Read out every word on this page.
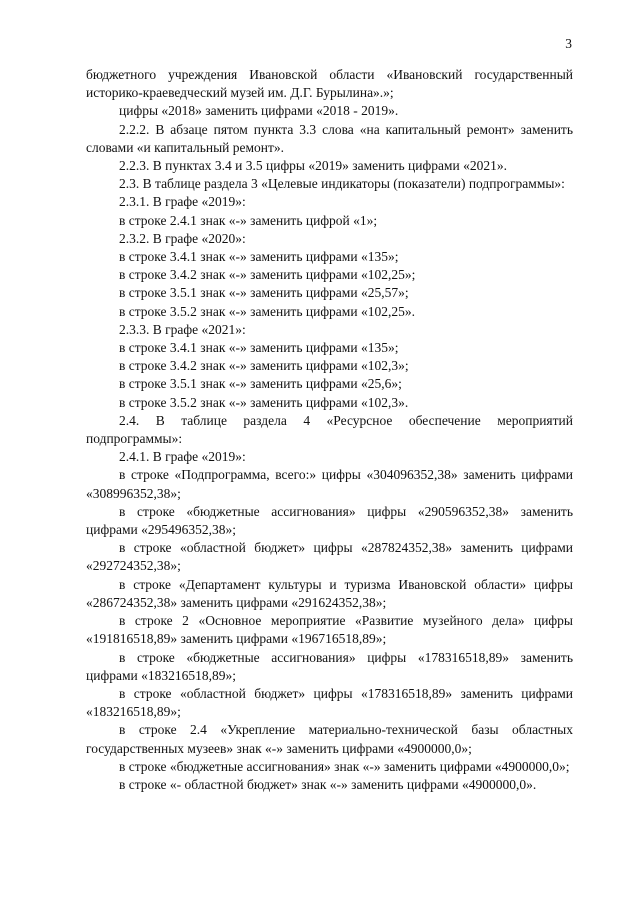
3

бюджетного учреждения Ивановской области «Ивановский государственный историко-краеведческий музей им. Д.Г. Бурылина».»;

цифры «2018» заменить цифрами «2018 - 2019».

2.2.2. В абзаце пятом пункта 3.3 слова «на капитальный ремонт» заменить словами «и капитальный ремонт».

2.2.3. В пунктах 3.4 и 3.5 цифры «2019» заменить цифрами «2021».

2.3. В таблице раздела 3 «Целевые индикаторы (показатели) подпрограммы»:

2.3.1. В графе «2019»:

в строке 2.4.1 знак «-» заменить цифрой «1»;

2.3.2. В графе «2020»:

в строке 3.4.1 знак «-» заменить цифрами «135»;

в строке 3.4.2 знак «-» заменить цифрами «102,25»;

в строке 3.5.1 знак «-» заменить цифрами «25,57»;

в строке 3.5.2 знак «-» заменить цифрами «102,25».

2.3.3. В графе «2021»:

в строке 3.4.1 знак «-» заменить цифрами «135»;

в строке 3.4.2 знак «-» заменить цифрами «102,3»;

в строке 3.5.1 знак «-» заменить цифрами «25,6»;

в строке 3.5.2 знак «-» заменить цифрами «102,3».

2.4. В таблице раздела 4 «Ресурсное обеспечение мероприятий подпрограммы»:

2.4.1. В графе «2019»:

в строке «Подпрограмма, всего:» цифры «304096352,38» заменить цифрами «308996352,38»;

в строке «бюджетные ассигнования» цифры «290596352,38» заменить цифрами «295496352,38»;

в строке «областной бюджет» цифры «287824352,38» заменить цифрами «292724352,38»;

в строке «Департамент культуры и туризма Ивановской области» цифры «286724352,38» заменить цифрами «291624352,38»;

в строке 2 «Основное мероприятие «Развитие музейного дела» цифры «191816518,89» заменить цифрами «196716518,89»;

в строке «бюджетные ассигнования» цифры «178316518,89» заменить цифрами «183216518,89»;

в строке «областной бюджет» цифры «178316518,89» заменить цифрами «183216518,89»;

в строке 2.4 «Укрепление материально-технической базы областных государственных музеев» знак «-» заменить цифрами «4900000,0»;

в строке «бюджетные ассигнования» знак «-» заменить цифрами «4900000,0»;

в строке «- областной бюджет» знак «-» заменить цифрами «4900000,0».
